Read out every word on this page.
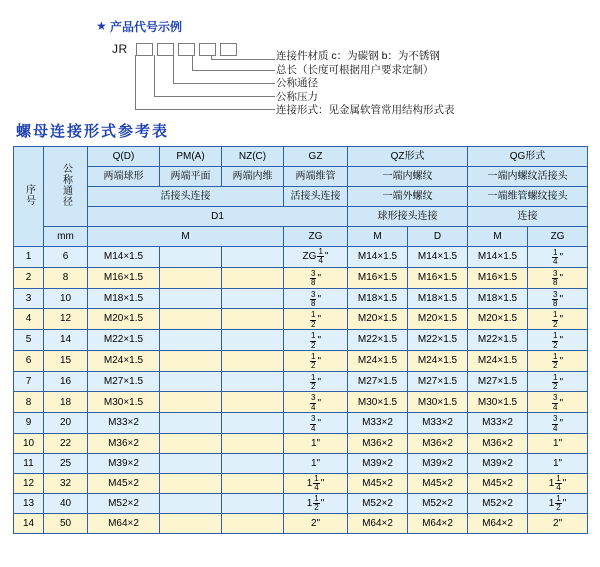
★ 产品代号示例
JR	连接件材质 c：为碳钢 b：为不锈钢
总长（长度可根据用户要求定制）
公称通径
公称压力
连接形式：见金属软管常用结构形式表
螺母连接形式参考表
序号	公称通径	Q(D)	PM(A)	NZ(C)	GZ	QZ形式		QG形式	
		两端球形	两端平面	两端内维	两端维管	一端内螺纹		一端内螺纹活接头	
		活接头连接			活接头连接	一端外螺纹		一端维管螺纹接头	
		D1				球形接头连接		连接	
	mm	M			ZG	M	D	M	ZG
1	6	M14×1.5			ZG $\frac{1}{4}$ "	M14×1.5	M14×1.5	M14×1.5	$\frac{1}{4}$ "

2	8	M16×1.5			$\frac{3}{8}$ "	M16×1.5	M16×1.5	M16×1.5	$\frac{3}{8}$ "

3	10	M18×1.5			$\frac{3}{8}$ "	M18×1.5	M18×1.5	M18×1.5	$\frac{3}{8}$ "

4	12	M20×1.5			$\frac{1}{2}$ "	M20×1.5	M20×1.5	M20×1.5	$\frac{1}{2}$ "

5	14	M22×1.5			$\frac{1}{2}$ "	M22×1.5	M22×1.5	M22×1.5	$\frac{1}{2}$ "

6	15	M24×1.5			$\frac{1}{2}$ "	M24×1.5	M24×1.5	M24×1.5	$\frac{1}{2}$ "

7	16	M27×1.5			$\frac{1}{2}$ "	M27×1.5	M27×1.5	M27×1.5	$\frac{1}{2}$ "

8	18	M30×1.5			$\frac{3}{4}$ "	M30×1.5	M30×1.5	M30×1.5	$\frac{3}{4}$ "

9	20	M33×2			$\frac{3}{4}$ "	M33×2	M33×2	M33×2	$\frac{3}{4}$ "

10	22	M36×2			1"	M36×2	M36×2	M36×2	1"
11	25	M39×2			1"	M39×2	M39×2	M39×2	1"
12	32	M45×2			$1 \frac{1}{4}$ "	M45×2	M45×2	M45×2	$1 \frac{1}{4}$ "

13	40	M52×2			$1 \frac{1}{2}$ "	M52×2	M52×2	M52×2	$1 \frac{1}{2}$ "

14	50	M64×2			2"	M64×2	M64×2	M64×2	2"
